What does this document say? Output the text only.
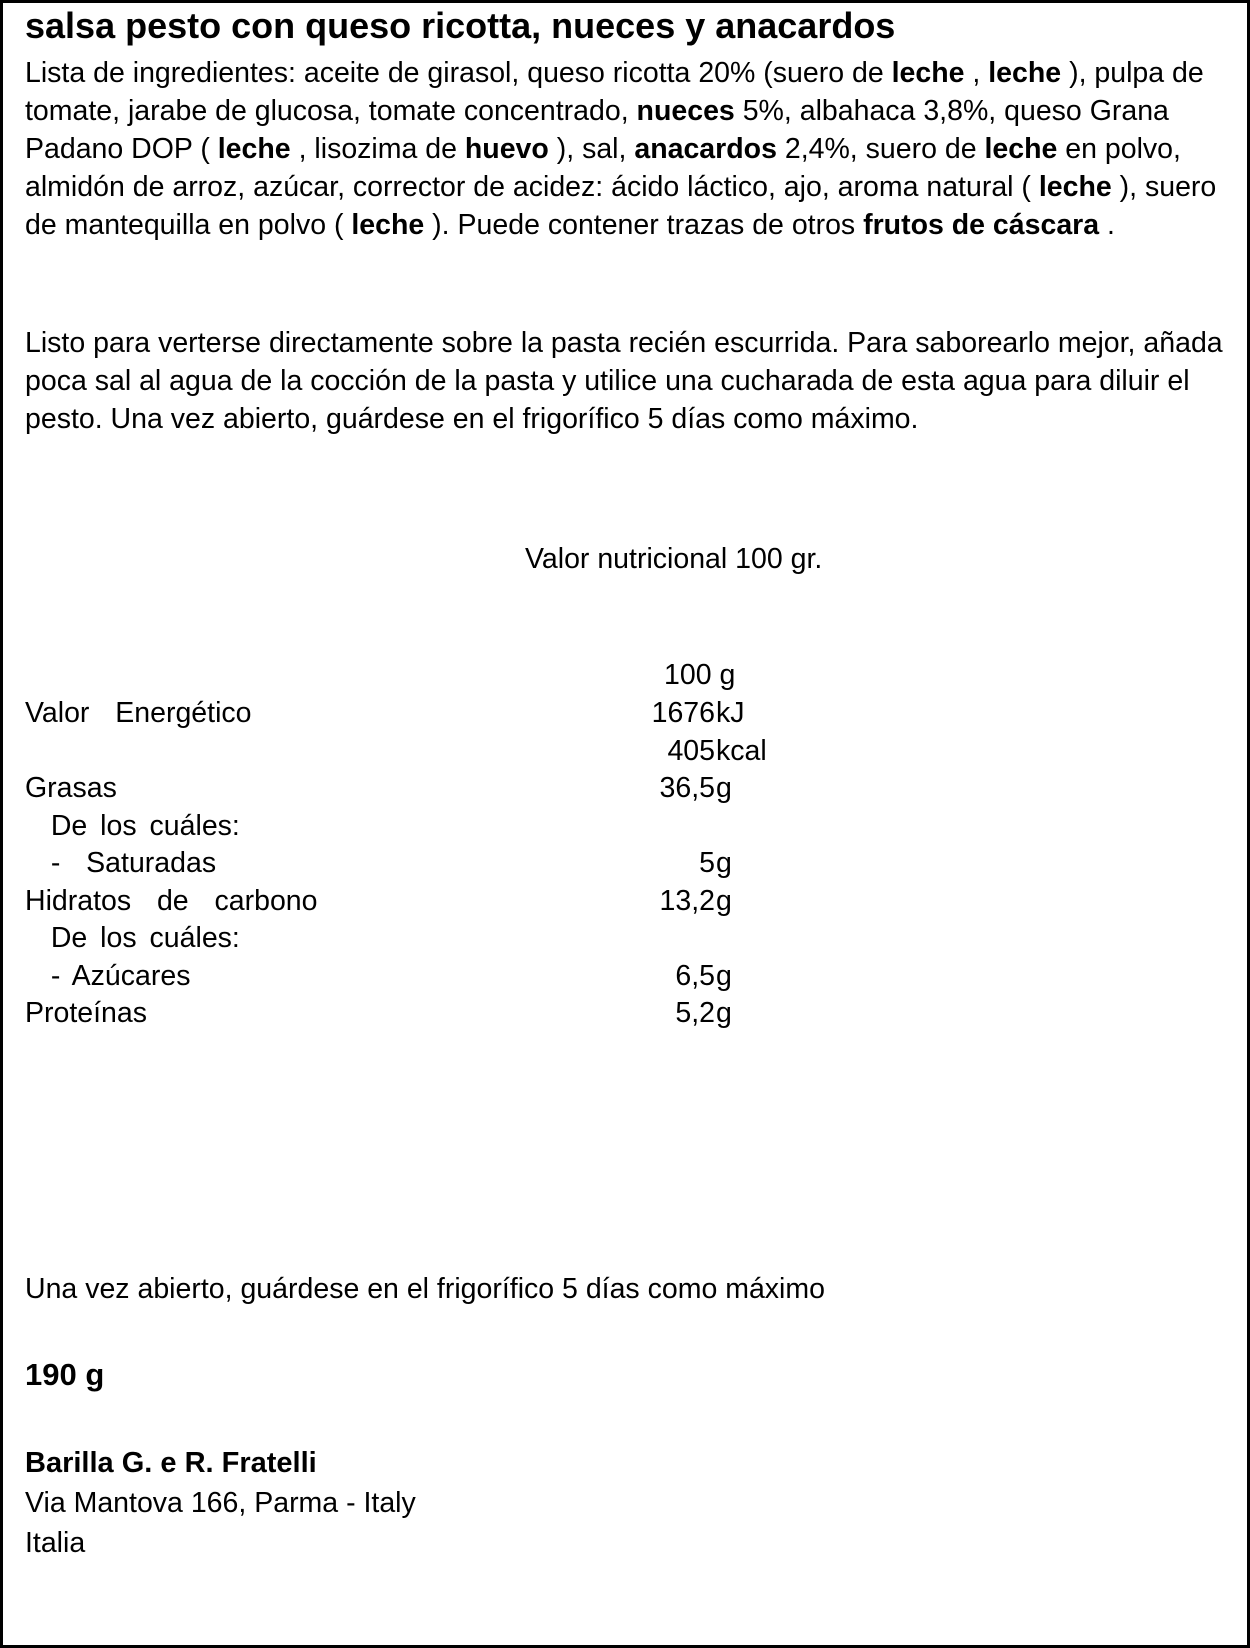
salsa pesto con queso ricotta, nueces y anacardos
Lista de ingredientes: aceite de girasol, queso ricotta 20% (suero de leche , leche ), pulpa de tomate, jarabe de glucosa, tomate concentrado, nueces 5%, albahaca 3,8%, queso Grana Padano DOP ( leche , lisozima de huevo ), sal, anacardos 2,4%, suero de leche en polvo, almidón de arroz, azúcar, corrector de acidez: ácido láctico, ajo, aroma natural ( leche ), suero de mantequilla en polvo ( leche ). Puede contener trazas de otros frutos de cáscara .
Listo para verterse directamente sobre la pasta recién escurrida. Para saborearlo mejor, añada poca sal al agua de la cocción de la pasta y utilice una cucharada de esta agua para diluir el pesto. Una vez abierto, guárdese en el frigorífico 5 días como máximo.
Valor nutricional 100 gr.
100 g
Valor  Energético	1676 kJ
405 kcal
Grasas	36,5 g
De los cuáles:
-  Saturadas	5 g
Hidratos  de  carbono	13,2 g
De los cuáles:
- Azúcares	6,5 g
Proteínas	5,2 g
Una vez abierto, guárdese en el frigorífico 5 días como máximo
190 g
Barilla G. e R. Fratelli
Via Mantova 166, Parma - Italy
Italia
